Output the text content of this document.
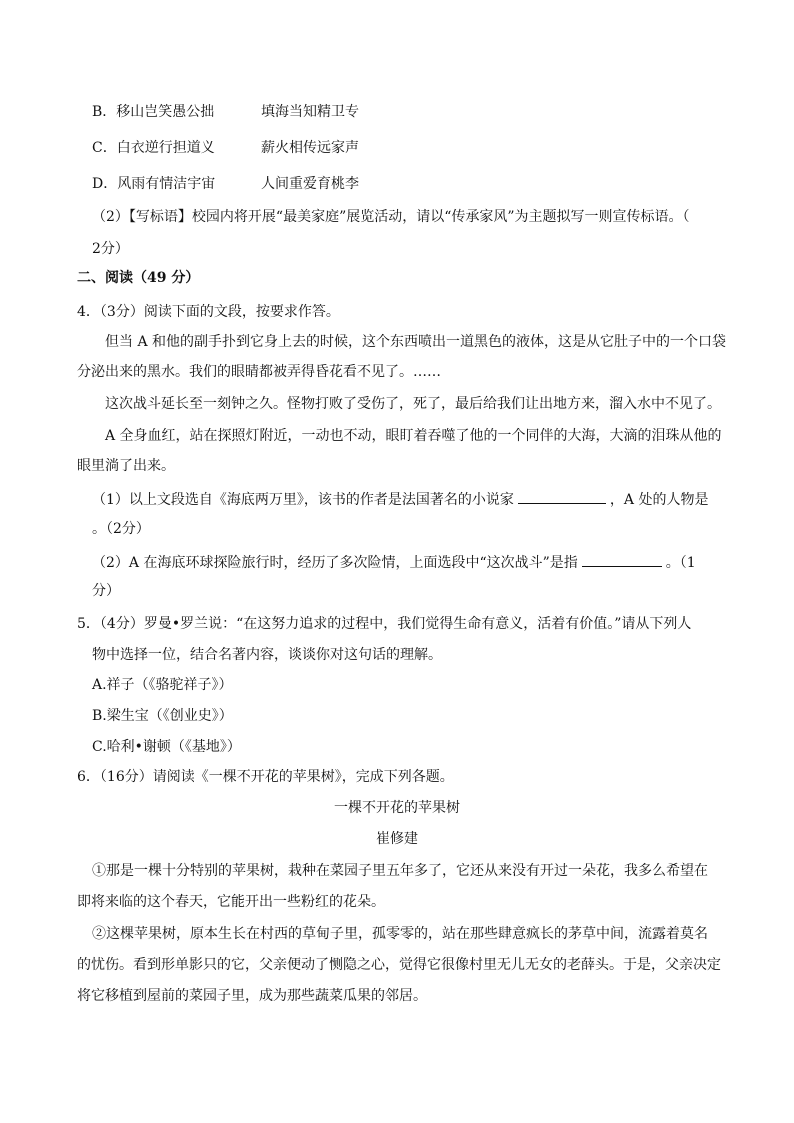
B．移山岂笑愚公拙	填海当知精卫专
C．白衣逆行担道义	薪火相传远家声
D．风雨有情洁宇宙	人间重爱育桃李
（2）【写标语】校园内将开展“最美家庭”展览活动，请以“传承家风”为主题拟写一则宣传标语。（
2分）
二、阅读（49 分）
4．（3分）阅读下面的文段，按要求作答。
但当 A 和他的副手扑到它身上去的时候，这个东西喷出一道黑色的液体，这是从它肚子中的一个口袋
分泌出来的黑水。我们的眼睛都被弄得昏花看不见了。……
这次战斗延长至一刻钟之久。怪物打败了受伤了，死了，最后给我们让出地方来，溜入水中不见了。
A 全身血红，站在探照灯附近，一动也不动，眼盯着吞噬了他的一个同伴的大海，大滴的泪珠从他的
眼里淌了出来。
（1）以上文段选自《海底两万里》，该书的作者是法国著名的小说家	，A 处的人物是
。（2分）
（2）A 在海底环球探险旅行时，经历了多次险情，上面选段中“这次战斗”是指	。（1
分）
5．（4分）罗曼•罗兰说：“在这努力追求的过程中，我们觉得生命有意义，活着有价值。”请从下列人
物中选择一位，结合名著内容，谈谈你对这句话的理解。
A.祥子（《骆驼祥子》）
B.梁生宝（《创业史》）
C.哈利•谢顿（《基地》）
6．（16分）请阅读《一棵不开花的苹果树》，完成下列各题。
一棵不开花的苹果树
崔修建
①那是一棵十分特别的苹果树，栽种在菜园子里五年多了，它还从来没有开过一朵花，我多么希望在
即将来临的这个春天，它能开出一些粉红的花朵。
②这棵苹果树，原本生长在村西的草甸子里，孤零零的，站在那些肆意疯长的茅草中间，流露着莫名
的忧伤。看到形单影只的它，父亲便动了恻隐之心，觉得它很像村里无儿无女的老薛头。于是，父亲决定
将它移植到屋前的菜园子里，成为那些蔬菜瓜果的邻居。
